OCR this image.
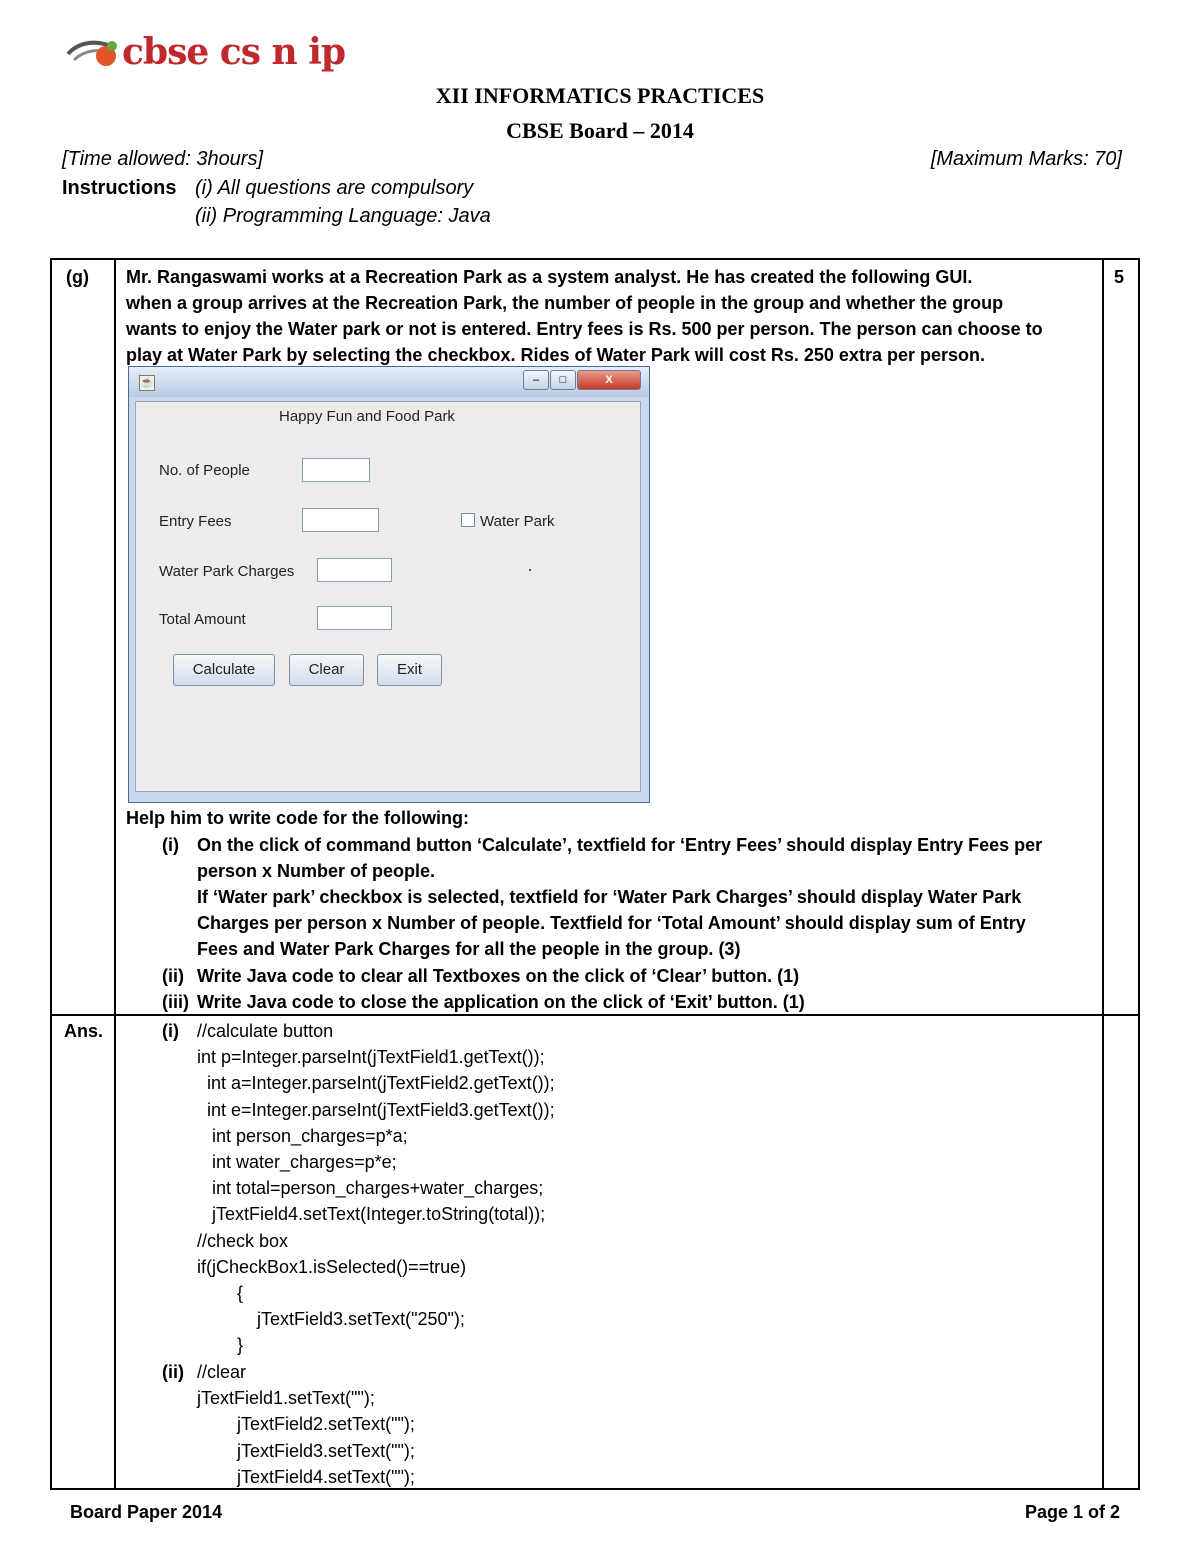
cbse cs n ip
XII INFORMATICS PRACTICES
CBSE Board – 2014
[Time allowed: 3hours]	[Maximum Marks: 70]
Instructions (i) All questions are compulsory
(ii) Programming Language: Java
(g)	5
Mr. Rangaswami works at a Recreation Park as a system analyst. He has created the following GUI.
when a group arrives at the Recreation Park, the number of people in the group and whether the group
wants to enjoy the Water park or not is entered. Entry fees is Rs. 500 per person. The person can choose to
play at Water Park by selecting the checkbox. Rides of Water Park will cost Rs. 250 extra per person.
Help him to write code for the following:
(i) On the click of command button ‘Calculate’, textfield for ‘Entry Fees’ should display Entry Fees per
person x Number of people.
If ‘Water park’ checkbox is selected, textfield for ‘Water Park Charges’ should display Water Park
Charges per person x Number of people. Textfield for ‘Total Amount’ should display sum of Entry
Fees and Water Park Charges for all the people in the group. (3)
(ii) Write Java code to clear all Textboxes on the click of ‘Clear’ button. (1)
(iii) Write Java code to close the application on the click of ‘Exit’ button. (1)
Ans.	(i) //calculate button
int p=Integer.parseInt(jTextField1.getText());
int a=Integer.parseInt(jTextField2.getText());
int e=Integer.parseInt(jTextField3.getText());
int person_charges=p*a;
int water_charges=p*e;
int total=person_charges+water_charges;
jTextField4.setText(Integer.toString(total));
//check box
if(jCheckBox1.isSelected()==true)
{
jTextField3.setText("250");
}
(ii) //clear
jTextField1.setText("");
jTextField2.setText("");
jTextField3.setText("");
jTextField4.setText("");
☕	–	□	X
Happy Fun and Food Park
No. of People
Entry Fees	Water Park
Water Park Charges
Total Amount
Calculate	Clear	Exit
Board Paper 2014	Page 1 of 2
